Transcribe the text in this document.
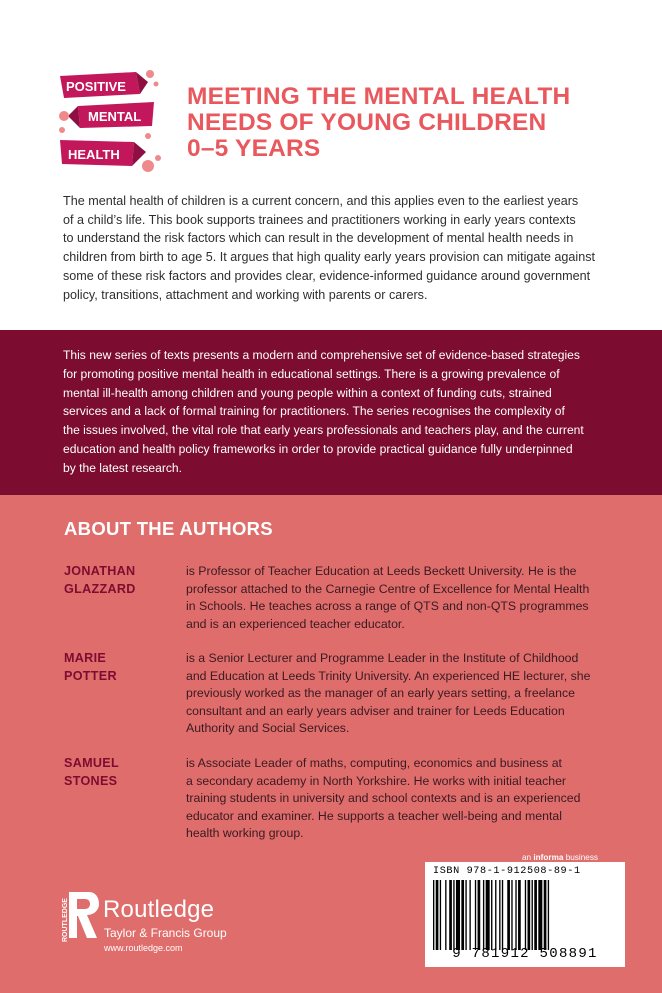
POSITIVE
MENTAL
HEALTH
MEETING THE MENTAL HEALTH
NEEDS OF YOUNG CHILDREN
0–5 YEARS
The mental health of children is a current concern, and this applies even to the earliest years
of a child’s life. This book supports trainees and practitioners working in early years contexts
to understand the risk factors which can result in the development of mental health needs in
children from birth to age 5. It argues that high quality early years provision can mitigate against
some of these risk factors and provides clear, evidence-informed guidance around government
policy, transitions, attachment and working with parents or carers.
This new series of texts presents a modern and comprehensive set of evidence-based strategies
for promoting positive mental health in educational settings. There is a growing prevalence of
mental ill-health among children and young people within a context of funding cuts, strained
services and a lack of formal training for practitioners. The series recognises the complexity of
the issues involved, the vital role that early years professionals and teachers play, and the current
education and health policy frameworks in order to provide practical guidance fully underpinned
by the latest research.
ABOUT THE AUTHORS
JONATHAN
GLAZZARD
is Professor of Teacher Education at Leeds Beckett University. He is the
professor attached to the Carnegie Centre of Excellence for Mental Health
in Schools. He teaches across a range of QTS and non-QTS programmes
and is an experienced teacher educator.
MARIE
POTTER
is a Senior Lecturer and Programme Leader in the Institute of Childhood
and Education at Leeds Trinity University. An experienced HE lecturer, she
previously worked as the manager of an early years setting, a freelance
consultant and an early years adviser and trainer for Leeds Education
Authority and Social Services.
SAMUEL
STONES
is Associate Leader of maths, computing, economics and business at
a secondary academy in North Yorkshire. He works with initial teacher
training students in university and school contexts and is an experienced
educator and examiner. He supports a teacher well-being and mental
health working group.
an informa business
ISBN 978-1-912508-89-1
9 781912 508891
ROUTLEDGE Routledge
Taylor & Francis Group
www.routledge.com
